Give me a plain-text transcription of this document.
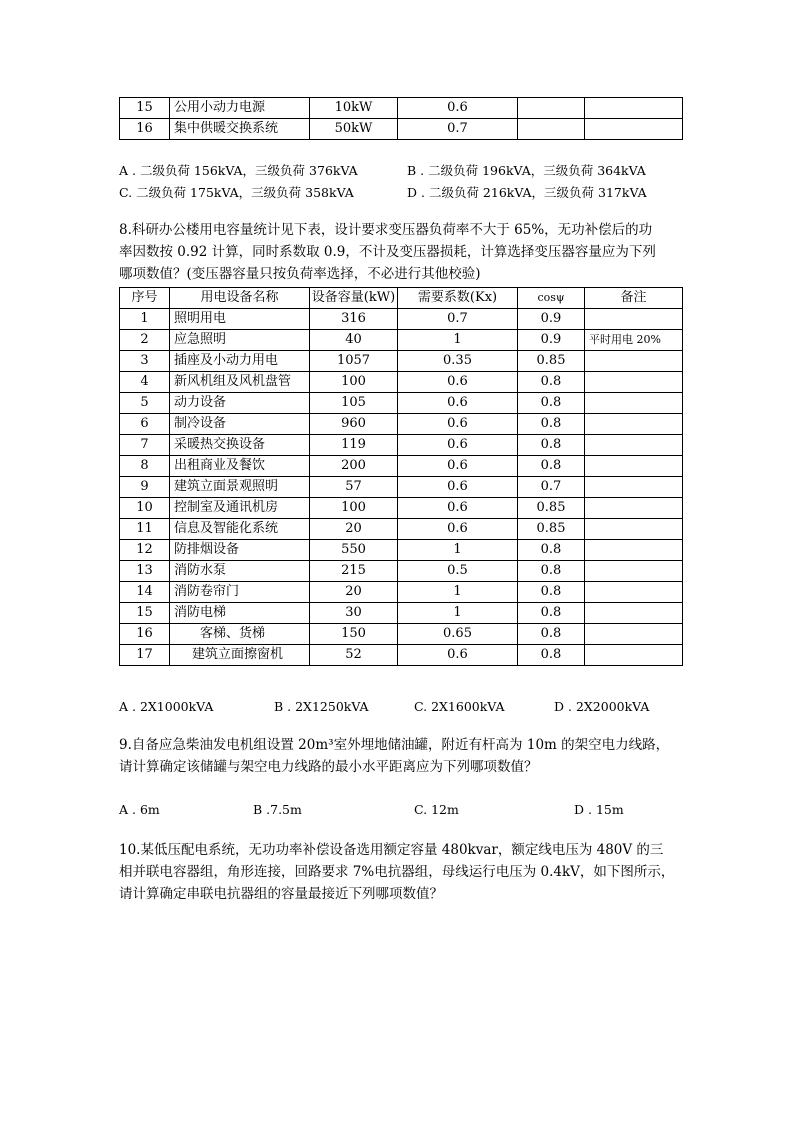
15	公用小动力电源	10kW	0.6		
16	集中供暖交换系统	50kW	0.7		
A . 二级负荷 156kVA，三级负荷 376kVA	B . 二级负荷 196kVA，三级负荷 364kVA
C. 二级负荷 175kVA，三级负荷 358kVA	D . 二级负荷 216kVA，三级负荷 317kVA
8.科研办公楼用电容量统计见下表，设计要求变压器负荷率不大于 65%，无功补偿后的功
率因数按 0.92 计算，同时系数取 0.9，不计及变压器损耗，计算选择变压器容量应为下列
哪项数值？(变压器容量只按负荷率选择，不必进行其他校验)
序号	用电设备名称	设备容量(kW)	需要系数(Kx)	cosψ	备注
1	照明用电	316	0.7	0.9	
2	应急照明	40	1	0.9	平时用电 20%
3	插座及小动力用电	1057	0.35	0.85	
4	新风机组及风机盘管	100	0.6	0.8	
5	动力设备	105	0.6	0.8	
6	制冷设备	960	0.6	0.8	
7	采暖热交换设备	119	0.6	0.8	
8	出租商业及餐饮	200	0.6	0.8	
9	建筑立面景观照明	57	0.6	0.7	
10	控制室及通讯机房	100	0.6	0.85	
11	信息及智能化系统	20	0.6	0.85	
12	防排烟设备	550	1	0.8	
13	消防水泵	215	0.5	0.8	
14	消防卷帘门	20	1	0.8	
15	消防电梯	30	1	0.8	
16	客梯、货梯	150	0.65	0.8	
17	建筑立面擦窗机	52	0.6	0.8	
A . 2X1000kVA	B . 2X1250kVA	C. 2X1600kVA	D . 2X2000kVA
9.自备应急柴油发电机组设置 20m³室外埋地储油罐，附近有杆高为 10m 的架空电力线路，
请计算确定该储罐与架空电力线路的最小水平距离应为下列哪项数值？
A . 6m	B .7.5m	C. 12m	D . 15m
10.某低压配电系统，无功功率补偿设备选用额定容量 480kvar，额定线电压为 480V 的三
相并联电容器组，角形连接，回路要求 7%电抗器组，母线运行电压为 0.4kV，如下图所示，
请计算确定串联电抗器组的容量最接近下列哪项数值？
